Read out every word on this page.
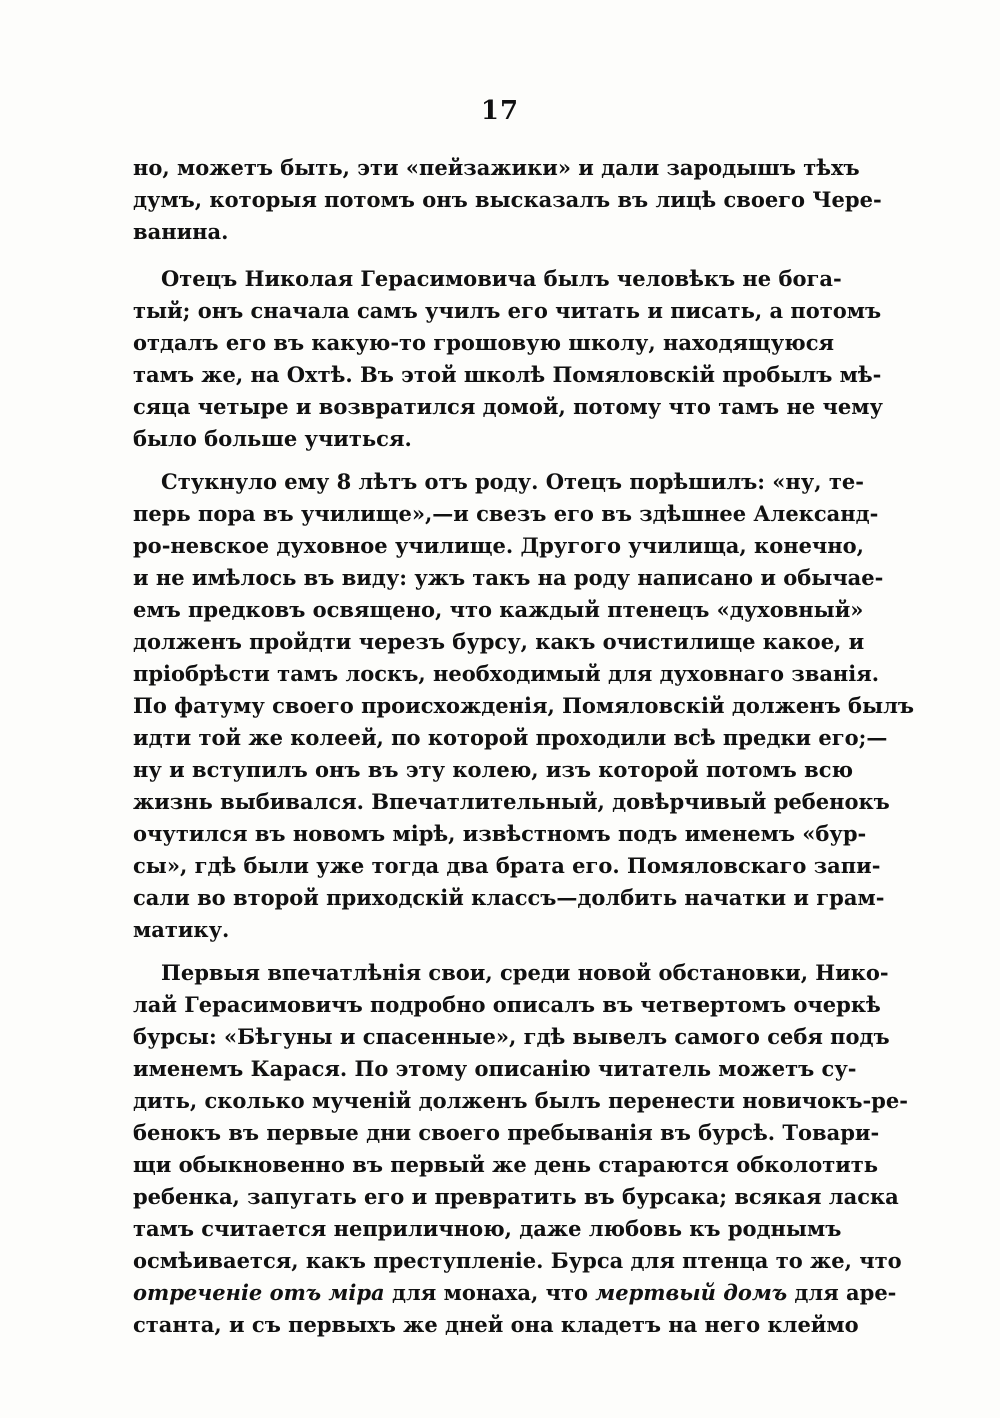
17
но, можетъ быть, эти «пейзажики» и дали зародышъ тѣхъ
думъ, которыя потомъ онъ высказалъ въ лицѣ своего Чере-
ванина.
Отецъ Николая Герасимовича былъ человѣкъ не бога-
тый; онъ сначала самъ училъ его читать и писать, а потомъ
отдалъ его въ какую-то грошовую школу, находящуюся
тамъ же, на Охтѣ. Въ этой школѣ Помяловскій пробылъ мѣ-
сяца четыре и возвратился домой, потому что тамъ не чему
было больше учиться.
Стукнуло ему 8 лѣтъ отъ роду. Отецъ порѣшилъ: «ну, те-
перь пора въ училище»,—и свезъ его въ здѣшнее Александ-
ро-невское духовное училище. Другого училища, конечно,
и не имѣлось въ виду: ужъ такъ на роду написано и обычаe-
емъ предковъ освящено, что каждый птенецъ «духовный»
долженъ пройдти черезъ бурсу, какъ очистилище какое, и
пріобрѣсти тамъ лоскъ, необходимый для духовнаго званія.
По фатуму своего происхожденія, Помяловскій долженъ былъ
идти той же колеей, по которой проходили всѣ предки его;—
ну и вступилъ онъ въ эту колею, изъ которой потомъ всю
жизнь выбивался. Впечатлительный, довѣрчивый ребенокъ
очутился въ новомъ мірѣ, извѣстномъ подъ именемъ «бур-
сы», гдѣ были уже тогда два брата его. Помяловскаго запи-
сали во второй приходскій классъ—долбить начатки и грам-
матику.
Первыя впечатлѣнія свои, среди новой обстановки, Нико-
лай Герасимовичъ подробно описалъ въ четвертомъ очеркѣ
бурсы: «Бѣгуны и спасенные», гдѣ вывелъ самого себя подъ
именемъ Карася. По этому описанію читатель можетъ су-
дить, сколько мученій долженъ былъ перенести новичокъ-ре-
бенокъ въ первые дни своего пребыванія въ бурсѣ. Товари-
щи обыкновенно въ первый же день стараются обколотить
ребенка, запугать его и превратить въ бурсака; всякая ласка
тамъ считается неприличною, даже любовь къ роднымъ
осмѣивается, какъ преступленіе. Бурса для птенца то же, что
отреченіе отъ міра для монаха, что мертвый домъ для аре-
станта, и съ первыхъ же дней она кладетъ на него клеймо
